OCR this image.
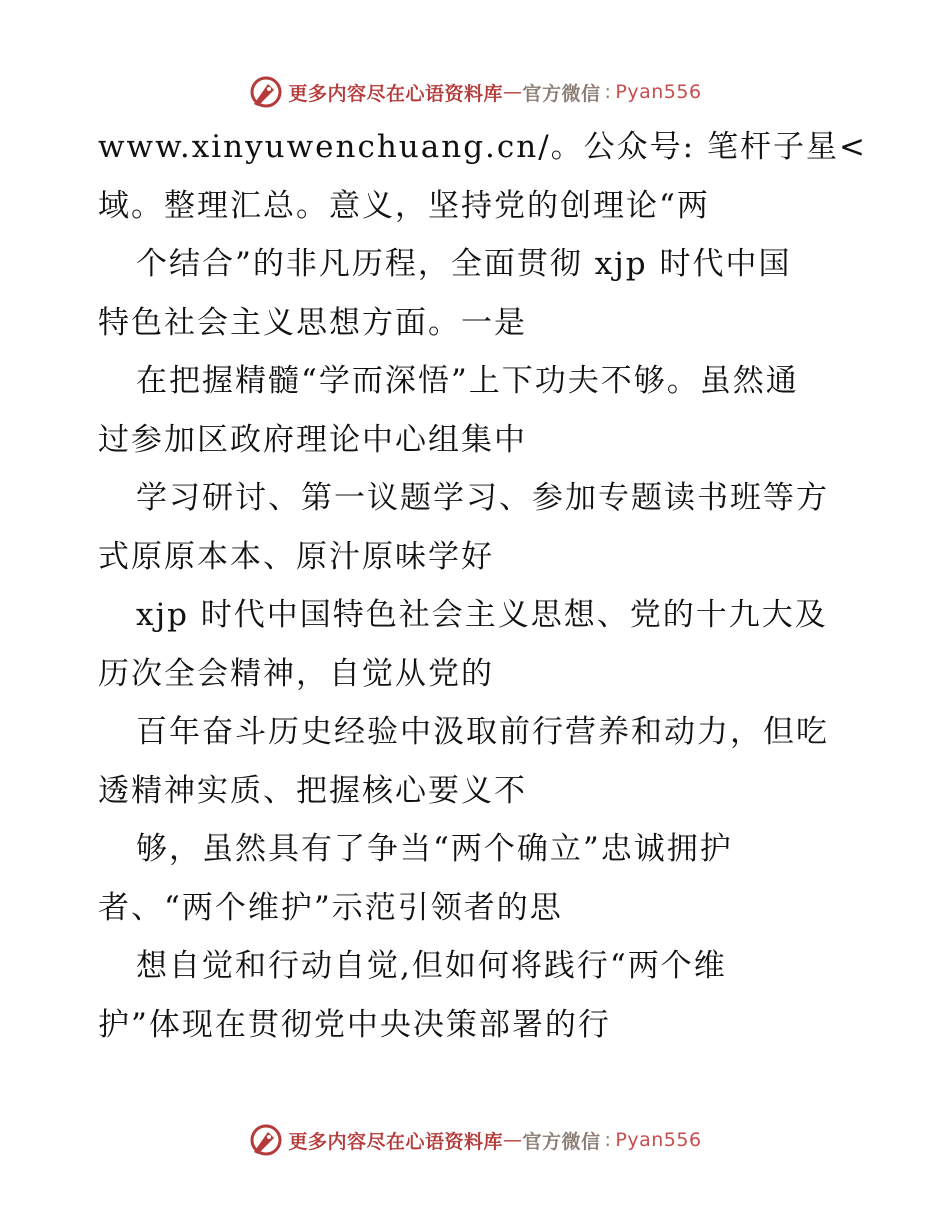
更多内容尽在心语资料库 — 官方微信 : Pyan556
www.xinyuwenchuang.cn/。公众号: 笔杆子星<
域。整理汇总。意义，坚持党的创理论“两
个结合”的非凡历程，全面贯彻 xjp 时代中国
特色社会主义思想方面。一是
在把握精髓“学而深悟”上下功夫不够。虽然通
过参加区政府理论中心组集中
学习研讨、第一议题学习、参加专题读书班等方
式原原本本、原汁原味学好
xjp 时代中国特色社会主义思想、党的十九大及
历次全会精神，自觉从党的
百年奋斗历史经验中汲取前行营养和动力，但吃
透精神实质、把握核心要义不
够，虽然具有了争当“两个确立”忠诚拥护
者、“两个维护”示范引领者的思
想自觉和行动自觉,但如何将践行“两个维
护”体现在贯彻党中央决策部署的行
更多内容尽在心语资料库 — 官方微信 : Pyan556
